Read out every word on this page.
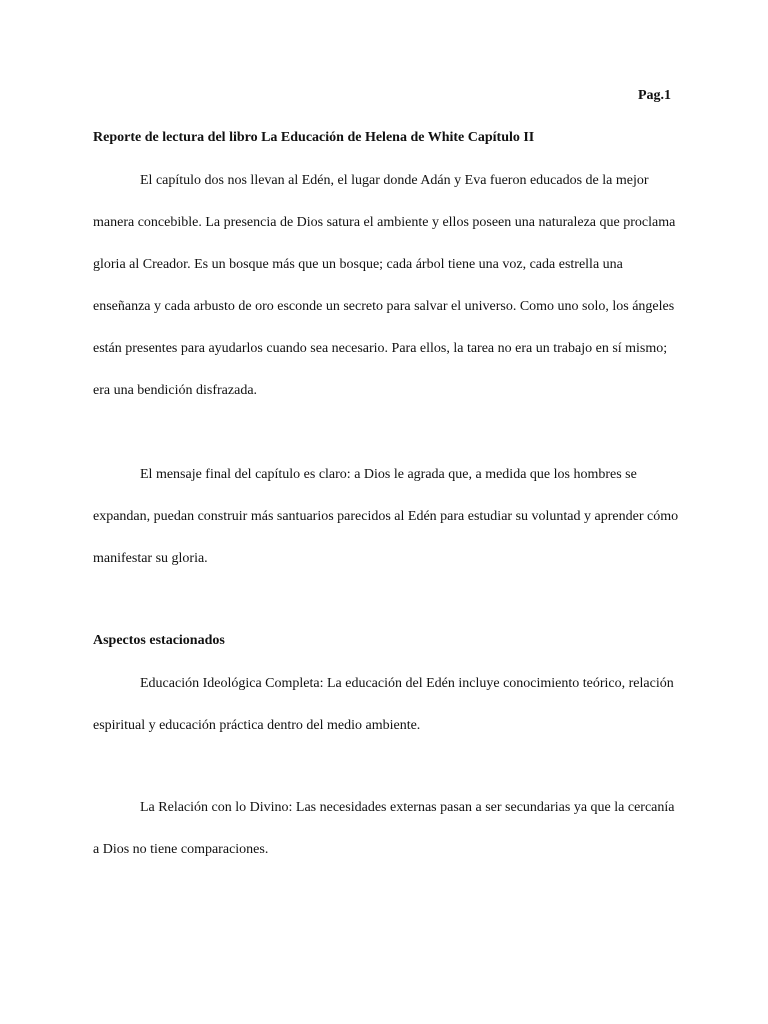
Pag.1
Reporte de lectura del libro La Educación de Helena de White Capítulo II

El capítulo dos nos llevan al Edén, el lugar donde Adán y Eva fueron educados de la mejor manera concebible. La presencia de Dios satura el ambiente y ellos poseen una naturaleza que proclama gloria al Creador. Es un bosque más que un bosque; cada árbol tiene una voz, cada estrella una enseñanza y cada arbusto de oro esconde un secreto para salvar el universo. Como uno solo, los ángeles están presentes para ayudarlos cuando sea necesario. Para ellos, la tarea no era un trabajo en sí mismo; era una bendición disfrazada.

El mensaje final del capítulo es claro: a Dios le agrada que, a medida que los hombres se expandan, puedan construir más santuarios parecidos al Edén para estudiar su voluntad y aprender cómo manifestar su gloria.

Aspectos estacionados

Educación Ideológica Completa: La educación del Edén incluye conocimiento teórico, relación espiritual y educación práctica dentro del medio ambiente.

La Relación con lo Divino: Las necesidades externas pasan a ser secundarias ya que la cercanía a Dios no tiene comparaciones.
